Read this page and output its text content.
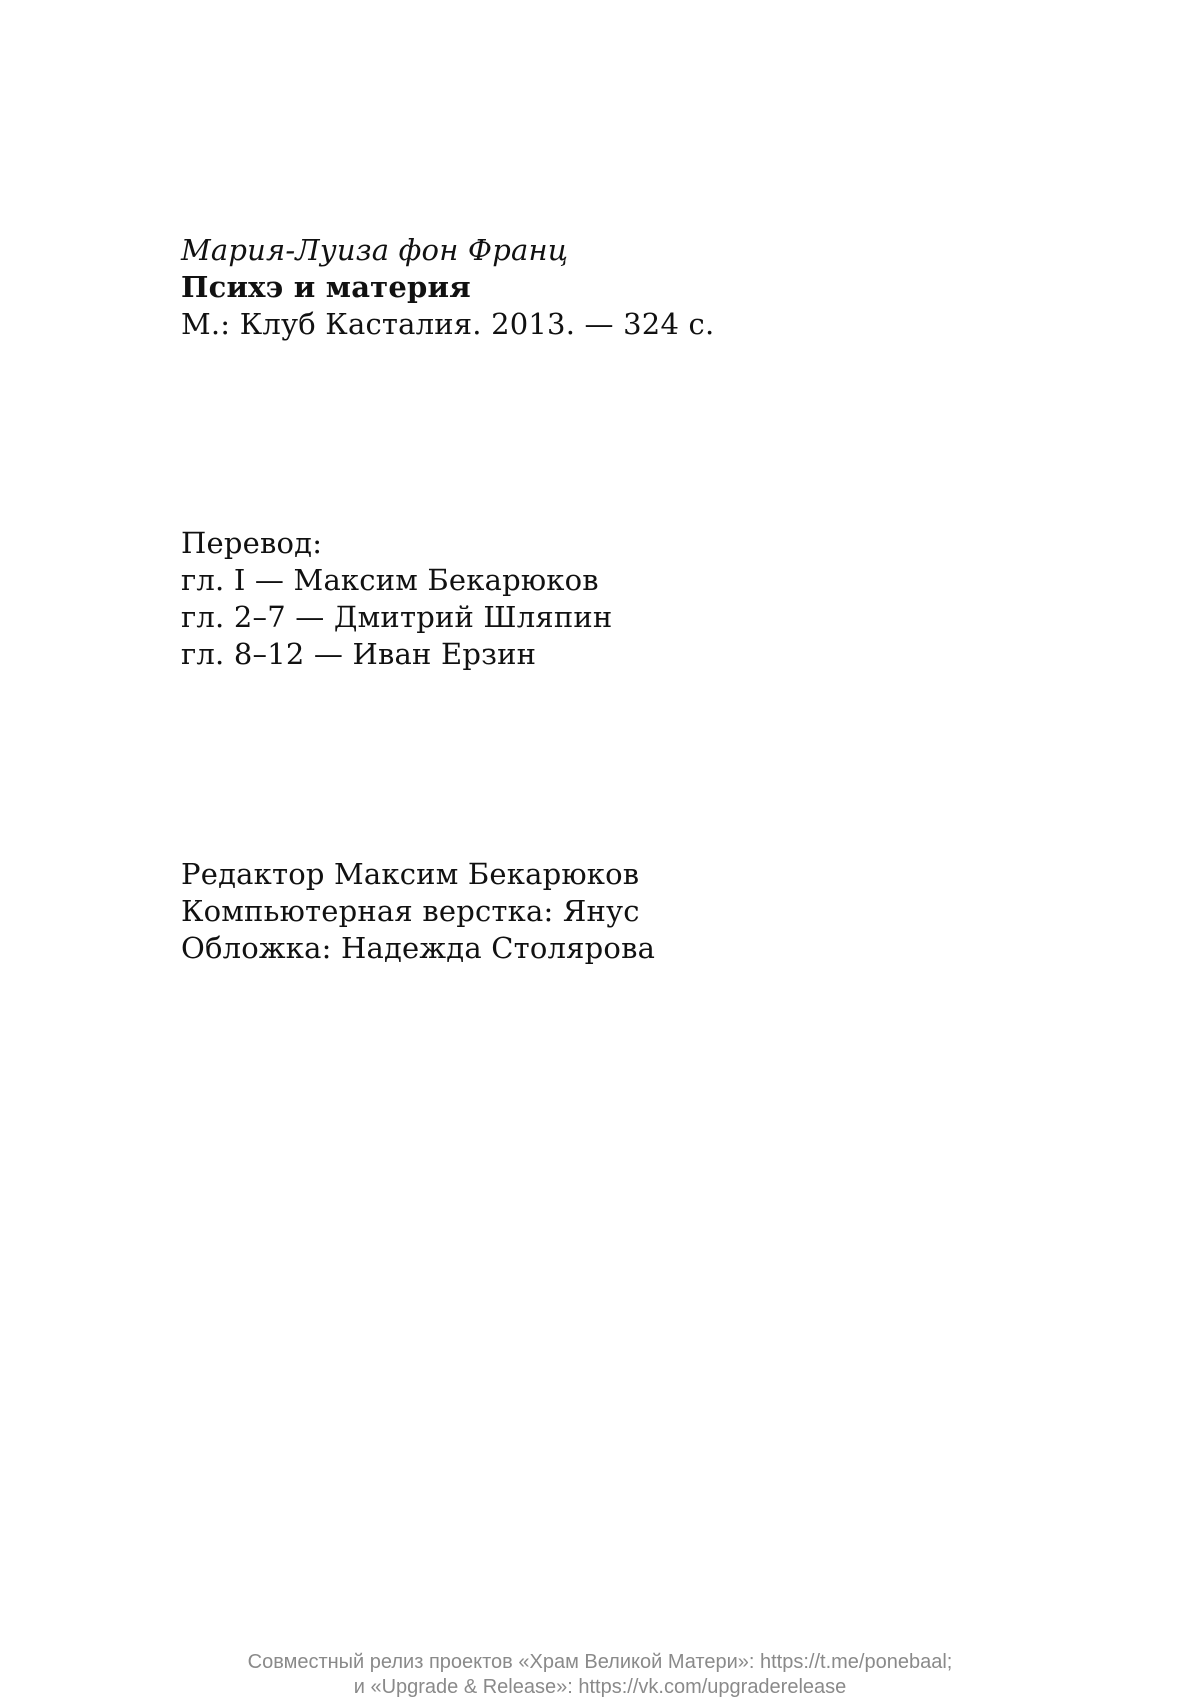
Мария-Луиза фон Франц
Психэ и материя
М.: Клуб Касталия. 2013. — 324 с.
Перевод:
гл. I — Максим Бекарюков
гл. 2–7 — Дмитрий Шляпин
гл. 8–12 — Иван Ерзин
Редактор Максим Бекарюков
Компьютерная верстка: Янус
Обложка: Надежда Столярова
Совместный релиз проектов «Храм Великой Матери»: https://t.me/ponebaal;
и «Upgrade & Release»: https://vk.com/upgraderelease
